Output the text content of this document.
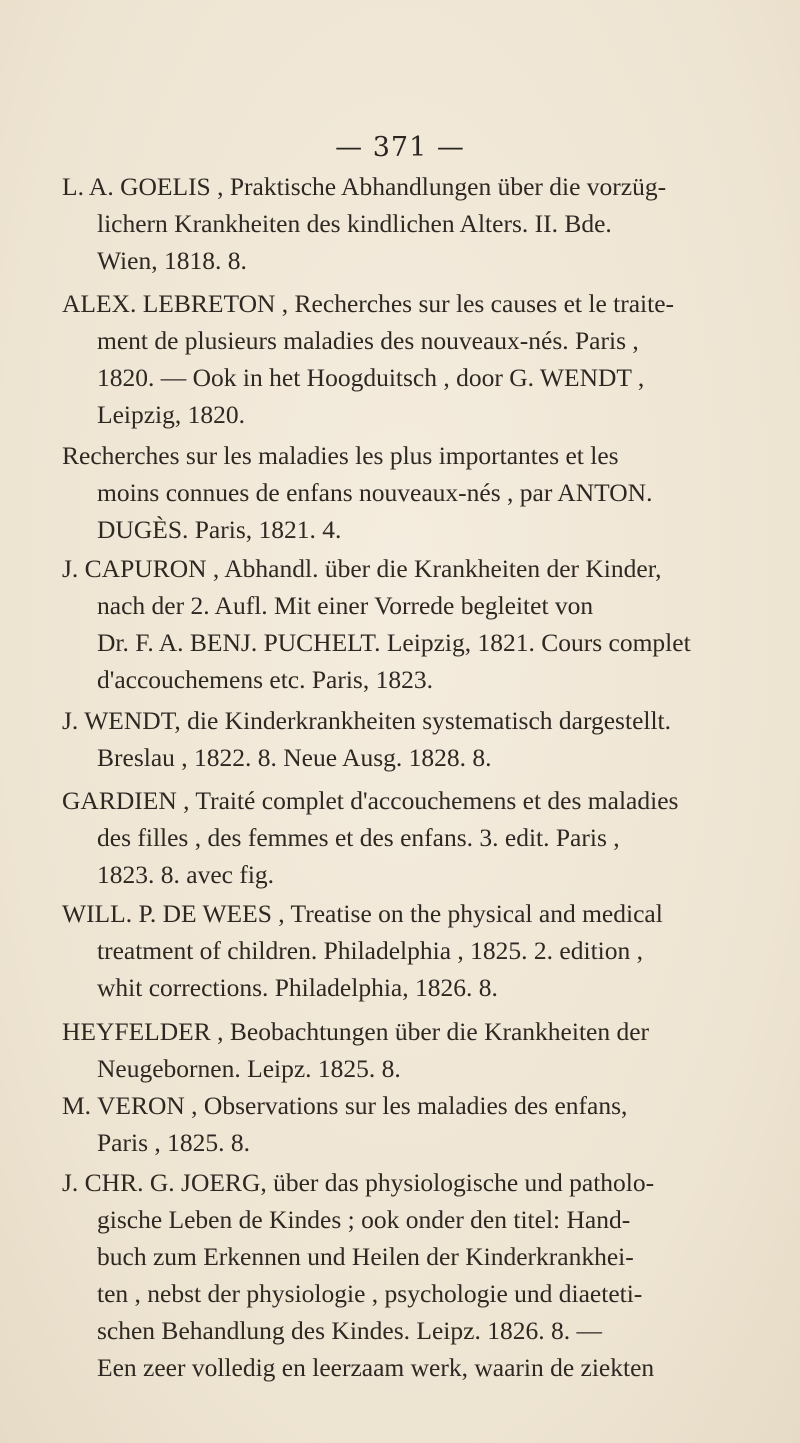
— 371 —
L. A. GOELIS , Praktische Abhandlungen über die vorzüg-
lichern Krankheiten des kindlichen Alters. II. Bde.
Wien, 1818. 8.
ALEX. LEBRETON , Recherches sur les causes et le traite-
ment de plusieurs maladies des nouveaux-nés. Paris ,
1820. — Ook in het Hoogduitsch , door G. WENDT ,
Leipzig, 1820.
Recherches sur les maladies les plus importantes et les
moins connues de enfans nouveaux-nés , par ANTON.
DUGÈS. Paris, 1821. 4.
J. CAPURON , Abhandl. über die Krankheiten der Kinder,
nach der 2. Aufl. Mit einer Vorrede begleitet von
Dr. F. A. BENJ. PUCHELT. Leipzig, 1821. Cours complet
d'accouchemens etc. Paris, 1823.
J. WENDT, die Kinderkrankheiten systematisch dargestellt.
Breslau , 1822. 8. Neue Ausg. 1828. 8.
GARDIEN , Traité complet d'accouchemens et des maladies
des filles , des femmes et des enfans. 3. edit. Paris ,
1823. 8. avec fig.
WILL. P. DE WEES , Treatise on the physical and medical
treatment of children. Philadelphia , 1825. 2. edition ,
whit corrections. Philadelphia, 1826. 8.
HEYFELDER , Beobachtungen über die Krankheiten der
Neugebornen. Leipz. 1825. 8.
M. VERON , Observations sur les maladies des enfans,
Paris , 1825. 8.
J. CHR. G. JOERG, über das physiologische und patholo-
gische Leben de Kindes ; ook onder den titel: Hand-
buch zum Erkennen und Heilen der Kinderkrankhei-
ten , nebst der physiologie , psychologie und diaeteti-
schen Behandlung des Kindes. Leipz. 1826. 8. —
Een zeer volledig en leerzaam werk, waarin de ziekten
